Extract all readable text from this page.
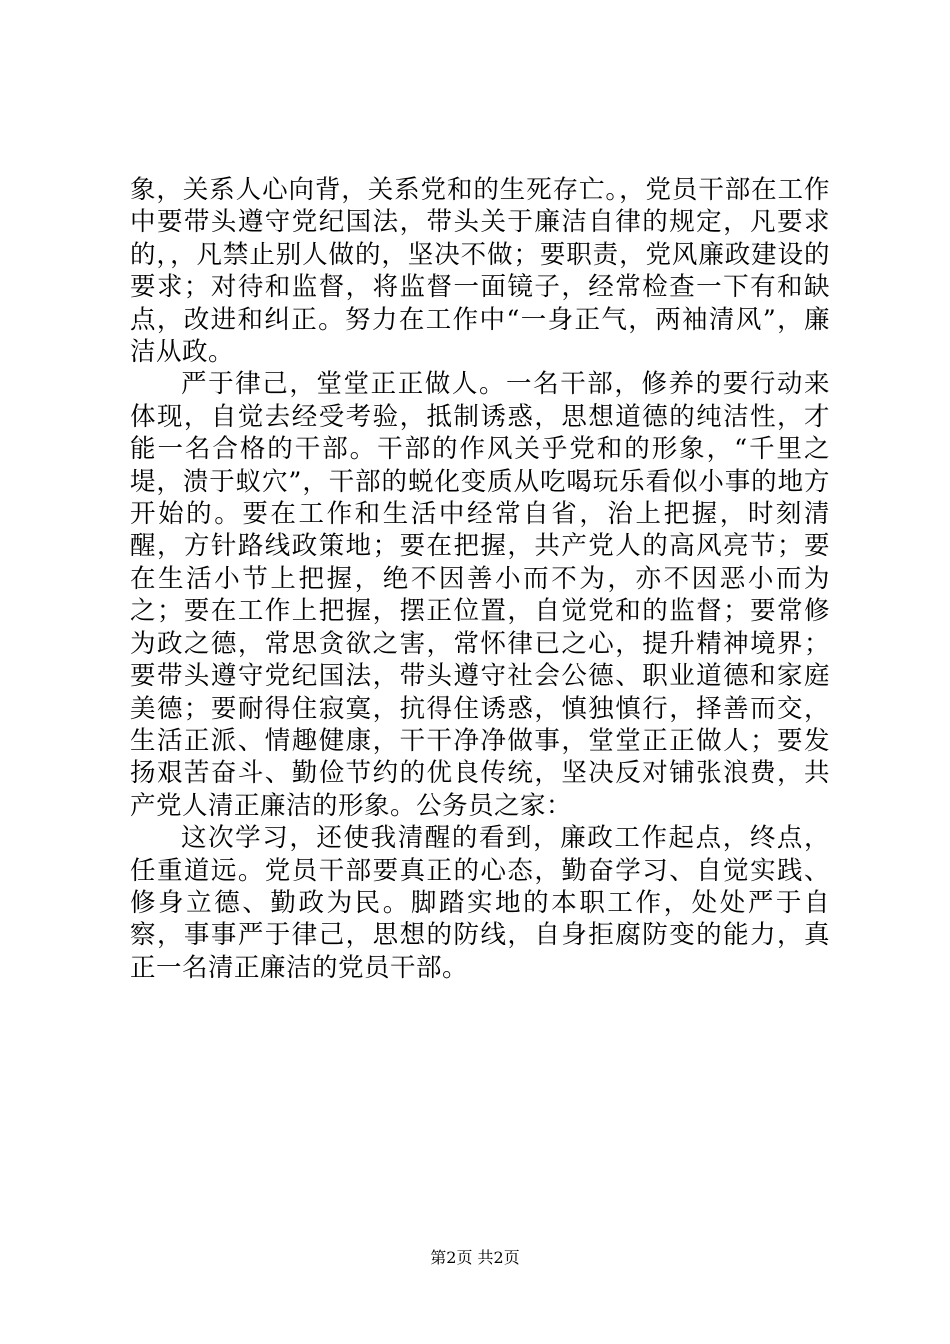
象，关系人心向背，关系党和的生死存亡。，党员干部在工作中要带头遵守党纪国法，带头关于廉洁自律的规定，凡要求的，，凡禁止别人做的，坚决不做；要职责，党风廉政建设的要求；对待和监督，将监督一面镜子，经常检查一下有和缺点，改进和纠正。努力在工作中“一身正气，两袖清风”，廉洁从政。

严于律己，堂堂正正做人。一名干部，修养的要行动来体现，自觉去经受考验，抵制诱惑，思想道德的纯洁性，才能一名合格的干部。干部的作风关乎党和的形象，“千里之堤，溃于蚁穴”，干部的蜕化变质从吃喝玩乐看似小事的地方开始的。要在工作和生活中经常自省，治上把握，时刻清醒，方针路线政策地；要在把握，共产党人的高风亮节；要在生活小节上把握，绝不因善小而不为，亦不因恶小而为之；要在工作上把握，摆正位置，自觉党和的监督；要常修为政之德，常思贪欲之害，常怀律已之心，提升精神境界；要带头遵守党纪国法，带头遵守社会公德、职业道德和家庭美德；要耐得住寂寞，抗得住诱惑，慎独慎行，择善而交，生活正派、情趣健康，干干净净做事，堂堂正正做人；要发扬艰苦奋斗、勤俭节约的优良传统，坚决反对铺张浪费，共产党人清正廉洁的形象。公务员之家：

这次学习，还使我清醒的看到，廉政工作起点，终点，任重道远。党员干部要真正的心态，勤奋学习、自觉实践、修身立德、勤政为民。脚踏实地的本职工作，处处严于自察，事事严于律己，思想的防线，自身拒腐防变的能力，真正一名清正廉洁的党员干部。

第2页 共2页
